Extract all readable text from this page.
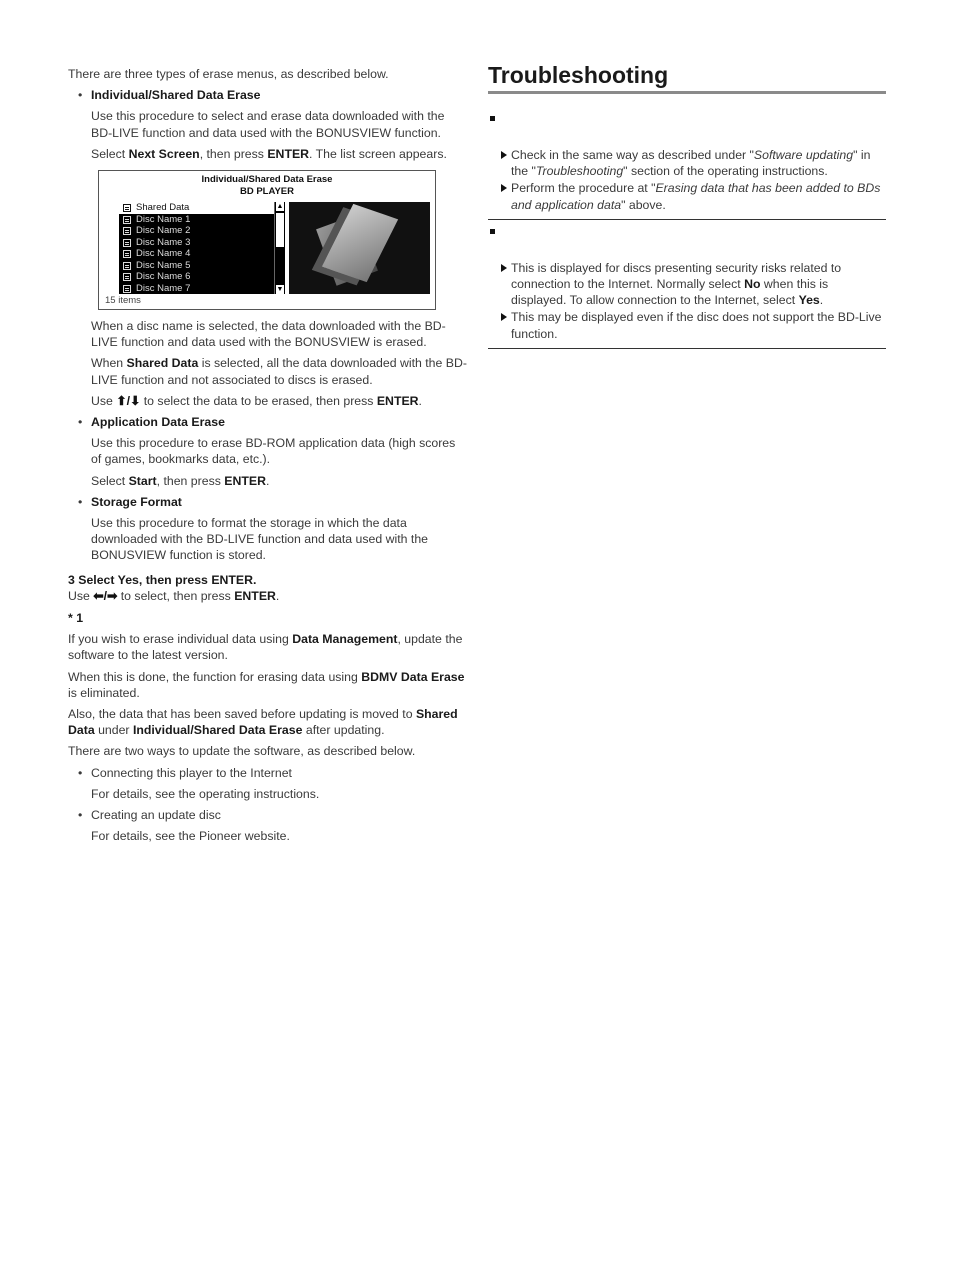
There are three types of erase menus, as described below.

• Individual/Shared Data Erase

Use this procedure to select and erase data downloaded with the BD-LIVE function and data used with the BONUSVIEW function.

Select Next Screen, then press ENTER. The list screen appears.

Individual/Shared Data Erase
BD PLAYER
Shared Data
Disc Name 1
Disc Name 2
Disc Name 3
Disc Name 4
Disc Name 5
Disc Name 6
Disc Name 7
▲
▼
15 items

When a disc name is selected, the data downloaded with the BD-LIVE function and data used with the BONUSVIEW is erased.

When Shared Data is selected, all the data downloaded with the BD-LIVE function and not associated to discs is erased.

Use ⬆/⬇ to select the data to be erased, then press ENTER.

• Application Data Erase

Use this procedure to erase BD-ROM application data (high scores of games, bookmarks data, etc.).

Select Start, then press ENTER.

• Storage Format

Use this procedure to format the storage in which the data downloaded with the BD-LIVE function and data used with the BONUSVIEW function is stored.

3 Select Yes, then press ENTER.

Use ⬅/➡ to select, then press ENTER.

* 1

If you wish to erase individual data using Data Management, update the software to the latest version.

When this is done, the function for erasing data using BDMV Data Erase is eliminated.

Also, the data that has been saved before updating is moved to Shared Data under Individual/Shared Data Erase after updating.

There are two ways to update the software, as described below.

• Connecting this player to the Internet

For details, see the operating instructions.

• Creating an update disc

For details, see the Pioneer website.

Troubleshooting
Check in the same way as described under "Software updating" in the "Troubleshooting" section of the operating instructions.
Perform the procedure at "Erasing data that has been added to BDs and application data" above.
This is displayed for discs presenting security risks related to connection to the Internet. Normally select No when this is displayed. To allow connection to the Internet, select Yes.
This may be displayed even if the disc does not support the BD-Live function.
